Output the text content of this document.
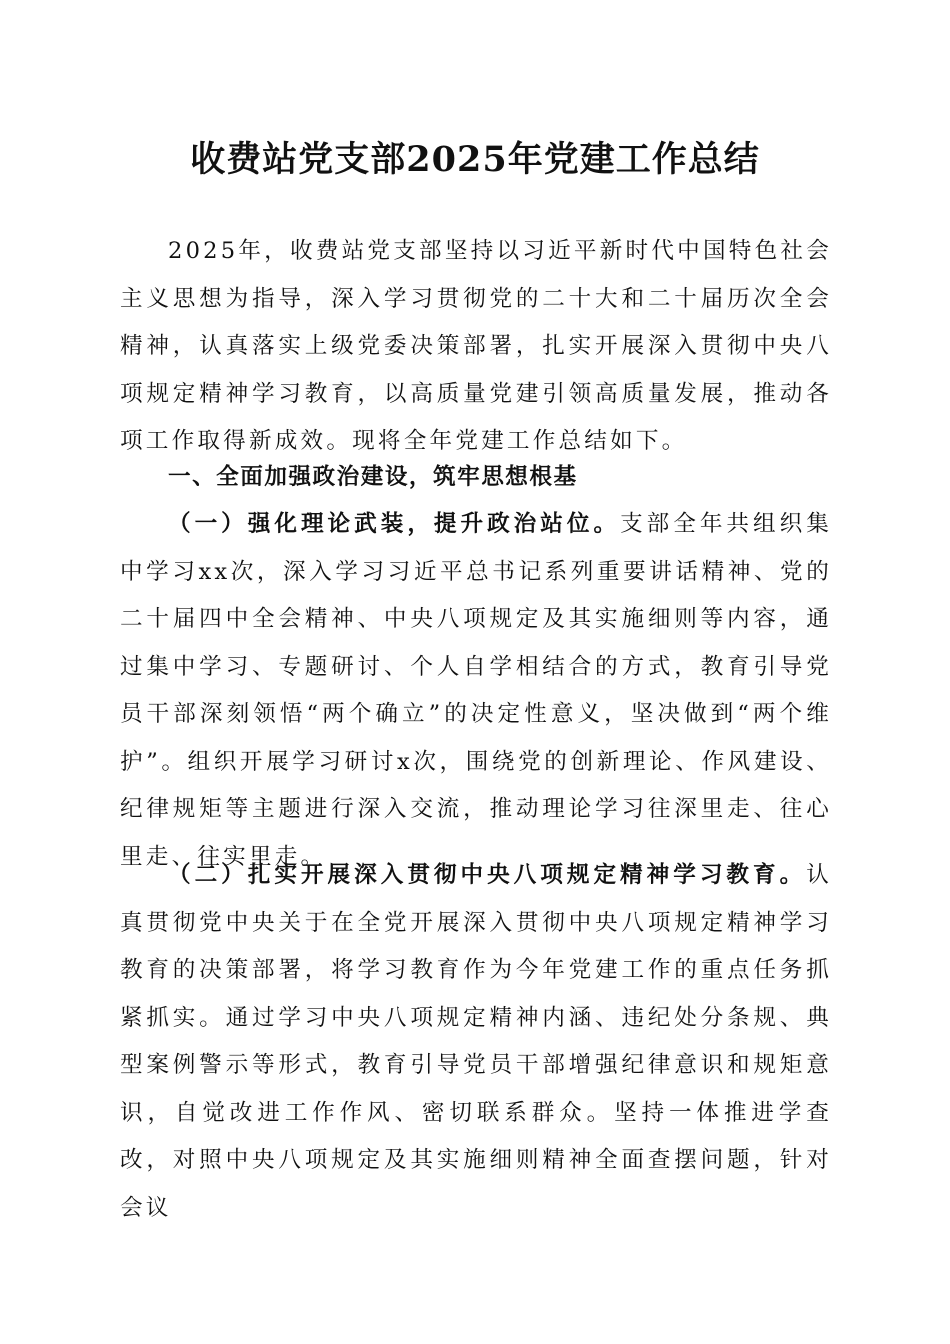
收费站党支部2025年党建工作总结

2025年，收费站党支部坚持以习近平新时代中国特色社会主义思想为指导，深入学习贯彻党的二十大和二十届历次全会精神，认真落实上级党委决策部署，扎实开展深入贯彻中央八项规定精神学习教育，以高质量党建引领高质量发展，推动各项工作取得新成效。现将全年党建工作总结如下。

一、全面加强政治建设，筑牢思想根基

（一）强化理论武装，提升政治站位。支部全年共组织集中学习xx次，深入学习习近平总书记系列重要讲话精神、党的二十届四中全会精神、中央八项规定及其实施细则等内容，通过集中学习、专题研讨、个人自学相结合的方式，教育引导党员干部深刻领悟“两个确立”的决定性意义，坚决做到“两个维护”。组织开展学习研讨x次，围绕党的创新理论、作风建设、纪律规矩等主题进行深入交流，推动理论学习往深里走、往心里走、往实里走。

（二）扎实开展深入贯彻中央八项规定精神学习教育。认真贯彻党中央关于在全党开展深入贯彻中央八项规定精神学习教育的决策部署，将学习教育作为今年党建工作的重点任务抓紧抓实。通过学习中央八项规定精神内涵、违纪处分条规、典型案例警示等形式，教育引导党员干部增强纪律意识和规矩意识，自觉改进工作作风、密切联系群众。坚持一体推进学查改，对照中央八项规定及其实施细则精神全面查摆问题，针对会议
